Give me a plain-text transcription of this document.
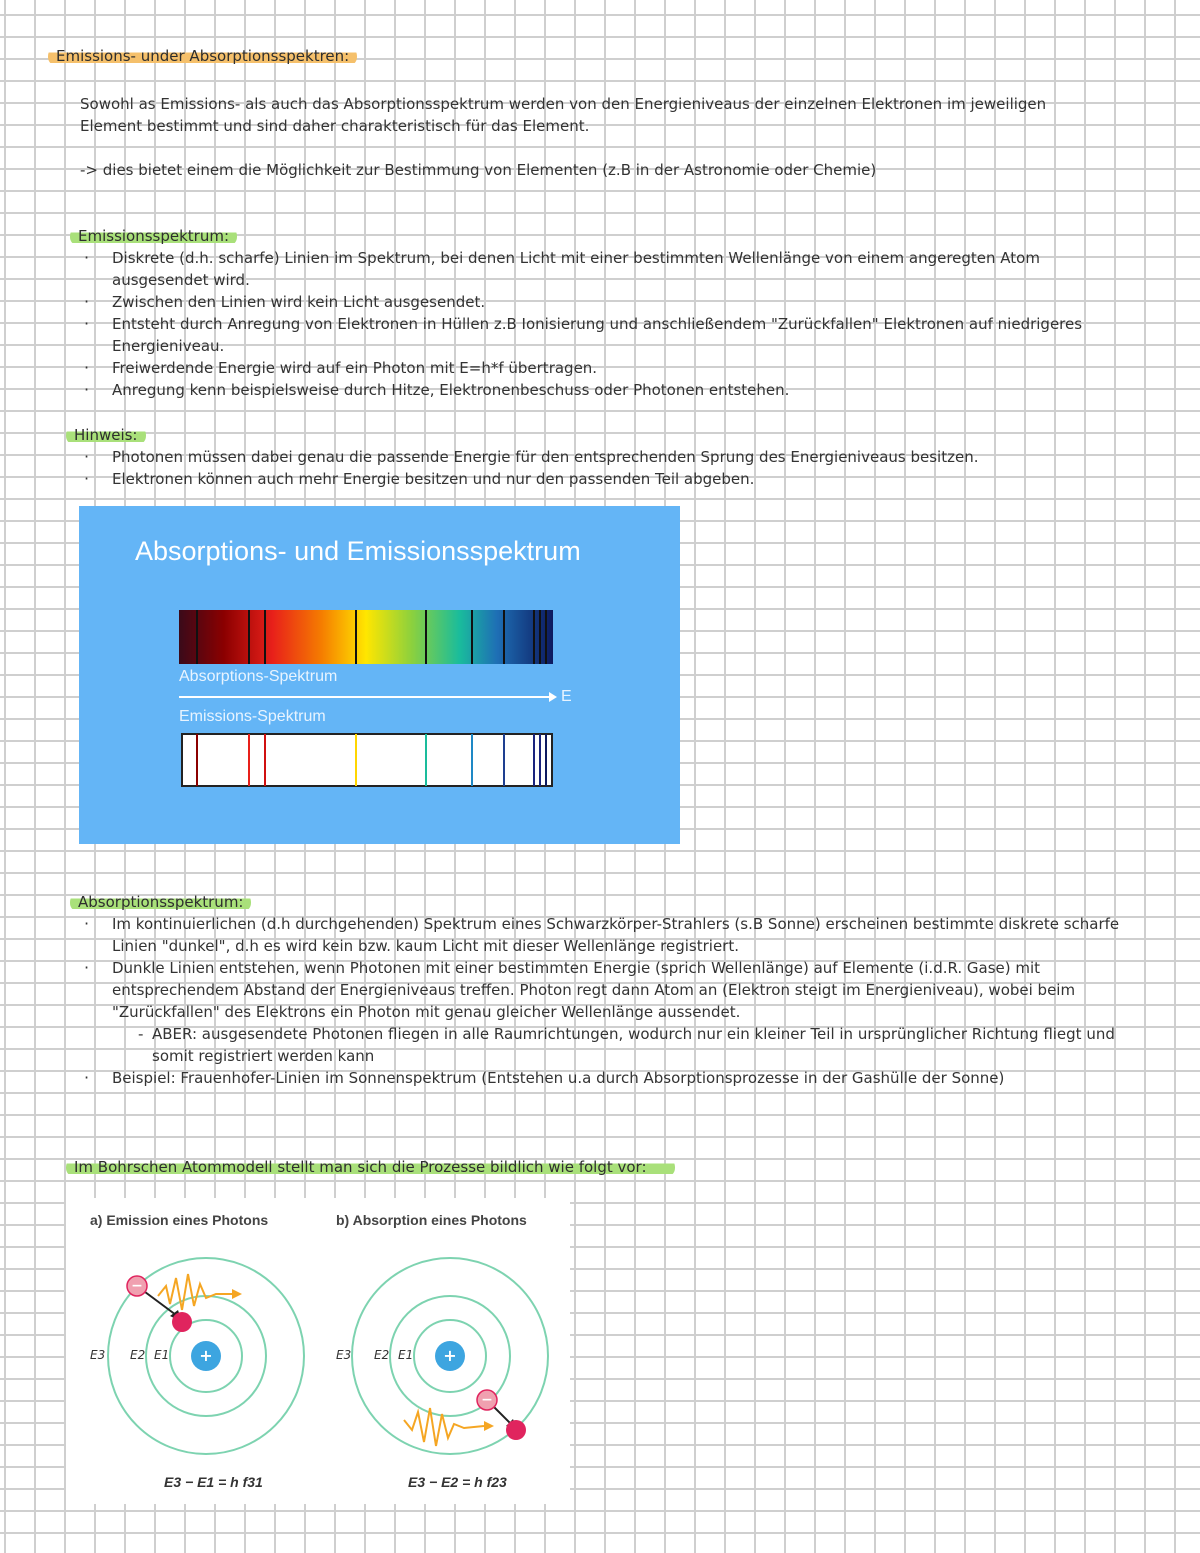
Emissions- under Absorptionsspektren:
Sowohl as Emissions- als auch das Absorptionsspektrum werden von den Energieniveaus der einzelnen Elektronen im jeweiligen Element bestimmt und sind daher charakteristisch für das Element.
-> dies bietet einem die Möglichkeit zur Bestimmung von Elementen (z.B in der Astronomie oder Chemie)
Emissionsspektrum:
· Diskrete (d.h. scharfe) Linien im Spektrum, bei denen Licht mit einer bestimmten Wellenlänge von einem angeregten Atom ausgesendet wird.
· Zwischen den Linien wird kein Licht ausgesendet.
· Entsteht durch Anregung von Elektronen in Hüllen z.B Ionisierung und anschließendem "Zurückfallen" Elektronen auf niedrigeres Energieniveau.
· Freiwerdende Energie wird auf ein Photon mit E=h*f übertragen.
· Anregung kenn beispielsweise durch Hitze, Elektronenbeschuss oder Photonen entstehen.
Hinweis:
· Photonen müssen dabei genau die passende Energie für den entsprechenden Sprung des Energieniveaus besitzen.
· Elektronen können auch mehr Energie besitzen und nur den passenden Teil abgeben.
Absorptions- und Emissionsspektrum
Absorptions-Spektrum
E
Emissions-Spektrum
Absorptionsspektrum:
· Im kontinuierlichen (d.h durchgehenden) Spektrum eines Schwarzkörper-Strahlers (s.B Sonne) erscheinen bestimmte diskrete scharfe Linien "dunkel", d.h es wird kein bzw. kaum Licht mit dieser Wellenlänge registriert.
· Dunkle Linien entstehen, wenn Photonen mit einer bestimmten Energie (sprich Wellenlänge) auf Elemente (i.d.R. Gase) mit entsprechendem Abstand der Energieniveaus treffen. Photon regt dann Atom an (Elektron steigt im Energieniveau), wobei beim "Zurückfallen" des Elektrons ein Photon mit genau gleicher Wellenlänge aussendet.
- ABER: ausgesendete Photonen fliegen in alle Raumrichtungen, wodurch nur ein kleiner Teil in ursprünglicher Richtung fliegt und somit registriert werden kann
· Beispiel: Frauenhofer-Linien im Sonnenspektrum (Entstehen u.a durch Absorptionsprozesse in der Gashülle der Sonne)
Im Bohrschen Atommodell stellt man sich die Prozesse bildlich wie folgt vor:
a) Emission eines Photons	b) Absorption eines Photons
+
−
E3 E2 E1
E3 − E1 = h f31
+
−
E3 E2 E1
E3 − E2 = h f23
